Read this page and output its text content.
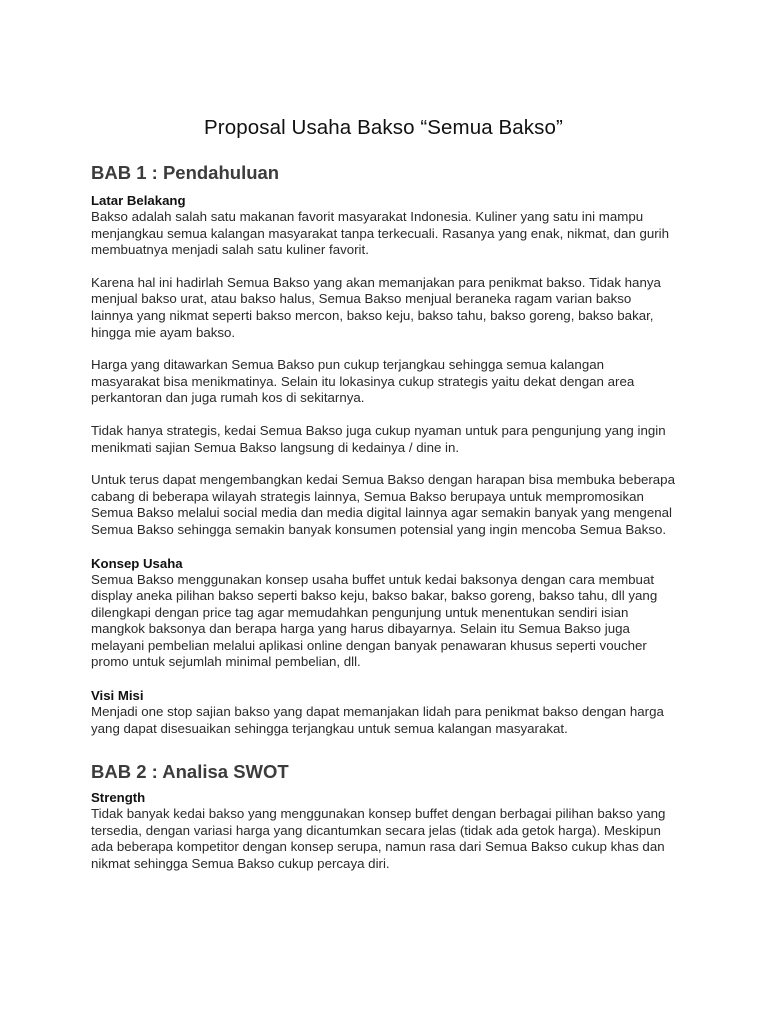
Proposal Usaha Bakso “Semua Bakso”
BAB 1 : Pendahuluan
Latar Belakang

Bakso adalah salah satu makanan favorit masyarakat Indonesia. Kuliner yang satu ini mampu menjangkau semua kalangan masyarakat tanpa terkecuali. Rasanya yang enak, nikmat, dan gurih membuatnya menjadi salah satu kuliner favorit.

Karena hal ini hadirlah Semua Bakso yang akan memanjakan para penikmat bakso. Tidak hanya menjual bakso urat, atau bakso halus, Semua Bakso menjual beraneka ragam varian bakso lainnya yang nikmat seperti bakso mercon, bakso keju, bakso tahu, bakso goreng, bakso bakar, hingga mie ayam bakso.

Harga yang ditawarkan Semua Bakso pun cukup terjangkau sehingga semua kalangan masyarakat bisa menikmatinya. Selain itu lokasinya cukup strategis yaitu dekat dengan area perkantoran dan juga rumah kos di sekitarnya.

Tidak hanya strategis, kedai Semua Bakso juga cukup nyaman untuk para pengunjung yang ingin menikmati sajian Semua Bakso langsung di kedainya / dine in.

Untuk terus dapat mengembangkan kedai Semua Bakso dengan harapan bisa membuka beberapa cabang di beberapa wilayah strategis lainnya, Semua Bakso berupaya untuk mempromosikan Semua Bakso melalui social media dan media digital lainnya agar semakin banyak yang mengenal Semua Bakso sehingga semakin banyak konsumen potensial yang ingin mencoba Semua Bakso.

Konsep Usaha

Semua Bakso menggunakan konsep usaha buffet untuk kedai baksonya dengan cara membuat display aneka pilihan bakso seperti bakso keju, bakso bakar, bakso goreng, bakso tahu, dll yang dilengkapi dengan price tag agar memudahkan pengunjung untuk menentukan sendiri isian mangkok baksonya dan berapa harga yang harus dibayarnya. Selain itu Semua Bakso juga melayani pembelian melalui aplikasi online dengan banyak penawaran khusus seperti voucher promo untuk sejumlah minimal pembelian, dll.

Visi Misi

Menjadi one stop sajian bakso yang dapat memanjakan lidah para penikmat bakso dengan harga yang dapat disesuaikan sehingga terjangkau untuk semua kalangan masyarakat.

BAB 2 : Analisa SWOT
Strength

Tidak banyak kedai bakso yang menggunakan konsep buffet dengan berbagai pilihan bakso yang tersedia, dengan variasi harga yang dicantumkan secara jelas (tidak ada getok harga). Meskipun ada beberapa kompetitor dengan konsep serupa, namun rasa dari Semua Bakso cukup khas dan nikmat sehingga Semua Bakso cukup percaya diri.
